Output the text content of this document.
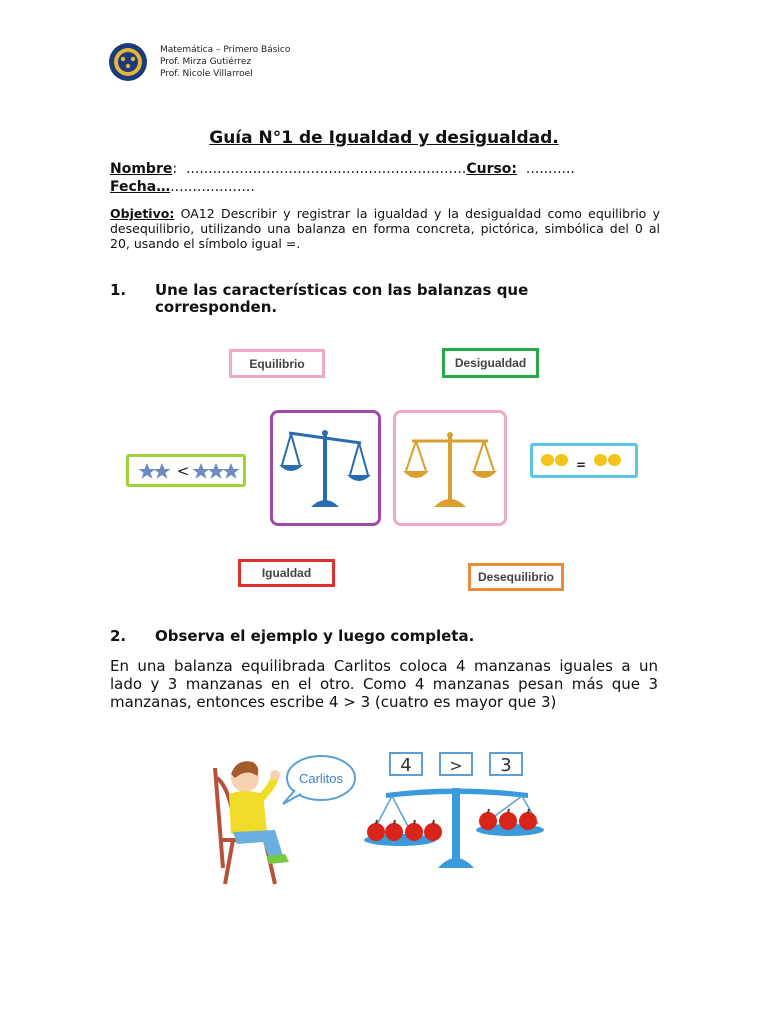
Matemática – Primero Básico
Prof. Mirza Gutiérrez
Prof. Nicole Villarroel
Guía N°1 de Igualdad y desigualdad.
Nombre:  ...............................................................Curso:  ...........
Fecha…...................
Objetivo: OA12 Describir y registrar la igualdad y la desigualdad como equilibrio y desequilibrio, utilizando una balanza en forma concreta, pictórica, simbólica del 0 al 20, usando el símbolo igual =.
1. Une las características con las balanzas que corresponden.
Equilibrio	Desigualdad
Igualdad	Desequilibrio
<	=
2. Observa el ejemplo y luego completa.
En una balanza equilibrada Carlitos coloca 4 manzanas iguales a un lado y 3 manzanas en el otro. Como 4 manzanas pesan más que 3 manzanas, entonces escribe 4 > 3 (cuatro es mayor que 3)
Carlitos
4 > 3
